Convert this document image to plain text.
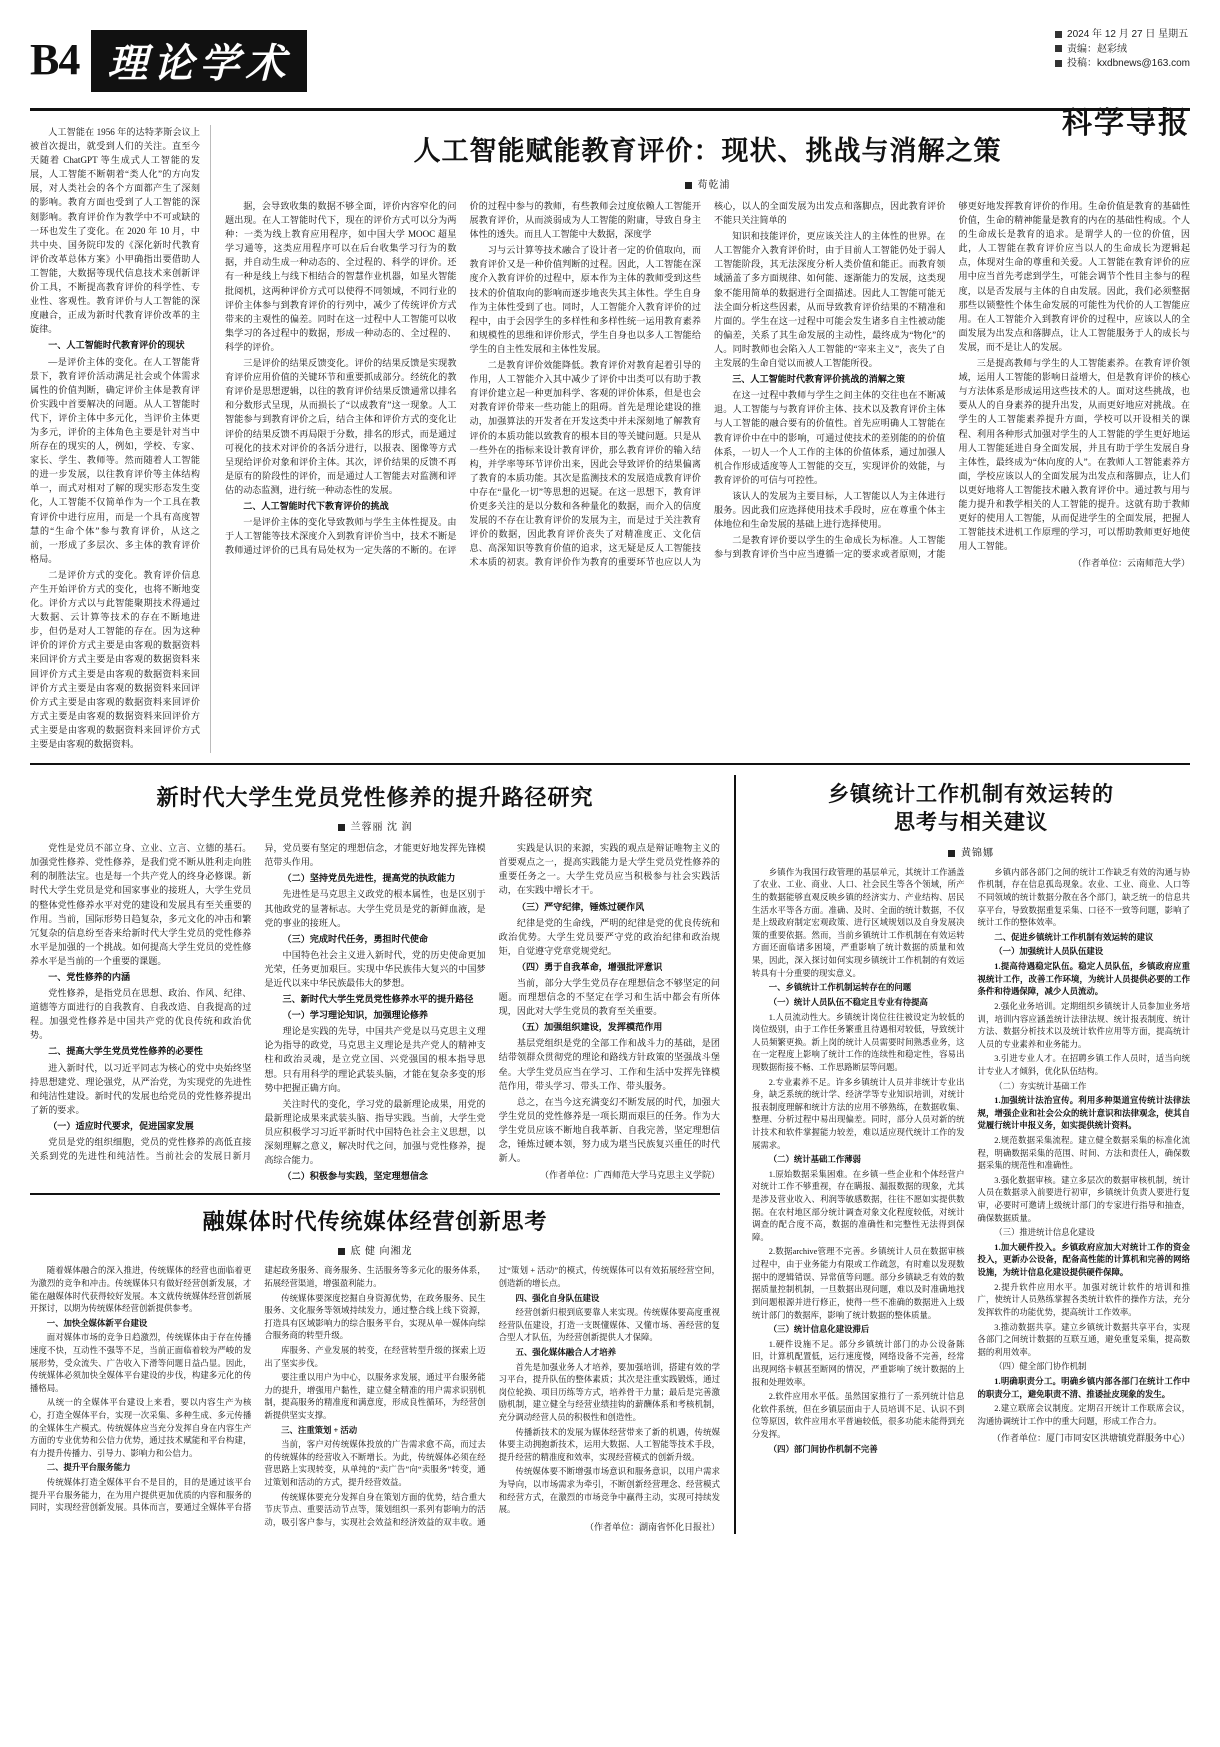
B4 理论学术
2024 年 12 月 27 日 星期五
责编：赵彩绒
投稿：kxdbnews@163.com
科学导报

人工智能在 1956 年的达特茅斯会议上被首次提出，就受到人们的关注。直至今天随着 ChatGPT 等生成式人工智能的发展，人工智能不断朝着“类人化”的方向发展，对人类社会的各个方面都产生了深刻的影响。教育方面也受到了人工智能的深刻影响。教育评价作为教学中不可或缺的一环也发生了变化。在 2020 年 10 月，中共中央、国务院印发的《深化新时代教育评价改革总体方案》小甲确指出要借助人工智能，大数据等现代信息技术来创新评价工具，不断提高教育评价的科学性、专业性、客观性。教育评价与人工智能的深度融合，正成为新时代教育评价改革的主旋律。

一、人工智能时代教育评价的现状

—是评价主体的变化。在人工智能背景下，教育评价活动满足社会或个体需求属性的价值判断，确定评价主体是教育评价实践中首要解决的问题。从人工智能时代下，评价主体中多元化，当评价主体更为多元，评价的主体角色主要是针对当中所存在的现实的人，例如，学校、专家、家长、学生、教师等。然而随着人工智能的进一步发展，以往教育评价等主体结构单一，而式对相对了解的现实形态发生变化，人工智能不仅简单作为一个工具在教育评价中进行应用，而是一个具有高度智慧的“生命个体”参与教育评价，从这之前，一形成了多层次、多主体的教育评价格局。

二是评价方式的变化。教育评价信息产生开始评价方式的变化，也将不断地变化。评价方式以与此智能聚期技术得通过大数据、云计算等技术的存在不断地进步，但仍是对人工智能的存在。因为这种评价的评价方式主要是由客观的数据资料来回评价方式主要是由客观的数据资料来回评价方式主要是由客观的数据资料来回评价方式主要是由客观的数据资料来回评价方式主要是由客观的数据资料来回评价方式主要是由客观的数据资料来回评价方式主要是由客观的数据资料来回评价方式主要是由客观的数据资料。

人工智能赋能教育评价：现状、挑战与消解之策
荀乾浦

据，会导致收集的数据不够全面，评价内容窄化的问题出现。在人工智能时代下，现在的评价方式可以分为两种：一类为线上教育应用程序，如中国大学 MOOC 超星学习通等，这类应用程序可以在后台收集学习行为的数据，并自动生成一种动态的、全过程的、科学的评价。还有一种是线上与线下相结合的智慧作业机器，如星火智能批阅机，这两种评价方式可以使得不同领域，不同行业的评价主体参与到教育评价的行列中，减少了传统评价方式带来的主观性的偏差。同时在这一过程中人工智能可以收集学习的各过程中的数据，形成一种动态的、全过程的、科学的评价。

三是评价的结果反馈变化。评价的结果反馈是实现教育评价应用价值的关键环节和重要抓成部分。经统化的教育评价是思想逻辑，以往的教育评价结果反馈通常以排名和分数形式呈现，从而损长了“以成教育”这一现象。人工智能参与到教育评价之后，结合主体和评价方式的变化让评价的结果反馈不再局限于分数，排名的形式，而是通过可视化的技术对评价的各活分进行，以报表、图像等方式呈现给评价对象和评价主体。其次，评价结果的反馈不再是原有的阶段性的评价，而是通过人工智能去对监测和评估的动态监测，进行统一种动态性的发展。

二、人工智能时代下教育评价的挑战

一是评价主体的变化导致教师与学生主体性提及。由于人工智能等技术深度介入到教育评价当中，技术不断是教师通过评价的已具有局处权为一定失落的不断的。在评价的过程中参与的教师，有些教师会过度依赖人工智能开展教育评价，从而淡弱成为人工智能的附庸，导致自身主体性的透失。而且人工智能中大数据，深度学

习与云计算等技术融合了设计者一定的价值取向，而教育评价又是一种价值判断的过程。因此，人工智能在深度介入教育评价的过程中，原本作为主体的教师受到这些技术的价值取向的影响而逐步地丧失其主体性。学生自身作为主体性受到了也。同时，人工智能介入教育评价的过程中，由于会因学生的多样性和多样性统一运用教育素养和规模性的思维和评价形式，学生自身也以多人工智能给学生的自主性发展和主体性发展。

二是教育评价效能降低。教育评价对教育起着引导的作用，人工智能介入其中减少了评价中出类可以有助于教育评价建立起一种更加科学、客观的评价体系，但是也会对教育评价带来一些功能上的阻碍。首先是理论建设的推动，加强算法的开发者在开发这类中并未深刻地了解教育评价的本质功能以致教育的根本目的等关键问题。只是从一些外在的指标来设计教育评价，那么教育评价的输入结构，并学率等环节评价出来，因此会导致评价的结果偏离了教育的本质功能。其次是监测技术的发展造成教育评价中存在“量化一切”等思想的迟疑。在这一思想下，教育评价更多关注的是以分数和各种量化的数据，而介入的信度发展的不存在让教育评价的发展为主，而是过于关注教育评价的数据，因此教育评价丧失了对精准度正、文化信息、高深知识等教育价值的追求，这无疑是反人工智能技术本质的初衷。教育评价作为教育的重要环节也应以人为核心，以人的全面发展为出发点和落脚点，因此教育评价不能只关注简单的

知识和技能评价，更应该关注人的主体性的世界。在人工智能介入教育评价时，由于目前人工智能仍处于弱人工智能阶段，其无法深度分析人类价值和能正。而教育领域涵盖了多方面规律、如何能、逐渐能力的发展，这类现象不能用简单的数据进行全面描述。因此人工智能可能无法全面分析这些因素，从而导致教育评价结果的不精准和片面的。学生在这一过程中可能会发生诸多自主性被动能的偏差，关系了其生命发展的主动性，最终成为“物化”的人。同时教师也会陷入人工智能的“宰来主义”，丧失了自主发展的生命自觉以而被人工智能所役。

三、人工智能时代教育评价挑战的消解之策

在这一过程中教师与学生之间主体的交往也在不断减退。人工智能与与教育评价主体、技术以及教育评价主体与人工智能的融合要有的价值性。首先应明确人工智能在教育评价中在中的影响，可通过使技术的差别能的的价值体系，一切人一个人工作的主体的价值体系，通过加强人机合作形成适度等人工智能的交互，实现评价的效能，与教育评价的可信与可控性。

该认人的发展为主要目标，人工智能以人为主体进行服务。因此我们应选择使用技术手段时，应在尊重个体主体地位和生命发展的基础上进行选择使用。

二是教育评价要以学生的生命成长为标准。人工智能参与到教育评价当中应当遵循一定的要求或者原则，才能够更好地发挥教育评价的作用。生命价值是教育的基础性价值，生命的精神能量是教育的内在的基础性构成。个人的生命成长是教育的追求。是谓学人的一位的价值，因此，人工智能在教育评价应当以人的生命成长为逻辑起点，体现对生命的尊重和关爱。人工智能在教育评价的应用中应当首先考虑到学生，可能会调节个性目主参与的程度，以是否发展与主体的自由发展。因此，我们必须整据那些以锁整性个体生命发展的可能性为代价的人工智能应用。在人工智能介入到教育评价的过程中，应该以人的全面发展为出发点和落脚点，让人工智能服务于人的成长与发展，而不是让人的发展。

三是提高教师与学生的人工智能素养。在教育评价领域，运用人工智能的影响日益增大，但是教育评价的核心与方法体系是形成运用这些技术的人。面对这些挑战，也要从人的自身素养的提升出发，从而更好地应对挑战。在学生的人工智能素养提升方面，学校可以开设相关的课程、利用各种形式加强对学生的人工智能的学生更好地运用人工智能延进自身全面发展，并且有助于学生发展自身主体性，最终成为“体向度的人”。在教师人工智能素养方面，学校应该以人的全面发展为出发点和落脚点，让人们以更好地将人工智能技术融入教育评价中。通过教与用与能力提升和教学相关的人工智能的提升。这就有助于教师更好的使用人工智能，从而促进学生的全面发展，把握人工智能技术进机工作原理的学习，可以帮助教师更好地使用人工智能。

（作者单位：云南师范大学）
新时代大学生党员党性修养的提升路径研究
兰蓉丽 沈 润

党性是党员不部立身、立业、立言、立德的基石。加强党性修养、党性修养，是我们党不断从胜利走向胜利的制胜法宝。也是每一个共产党人的终身必修课。新时代大学生党员是党和国家事业的接班人，大学生党员的整体党性修养水平对党的建设和发展具有至关重要的作用。当前，国际形势日趋复杂，多元文化的冲击和繁冗复杂的信息纷至沓来给新时代大学生党员的党性修养水平是加强的一个挑战。如何提高大学生党员的党性修养水平是当前的一个重要的课题。

一、党性修养的内涵

党性修养，是指党员在思想、政治、作风、纪律、道德等方面进行的自我教育、自我改造、自我提高的过程。加强党性修养是中国共产党的优良传统和政治优势。

二、提高大学生党员党性修养的必要性

进入新时代，以习近平同志为核心的党中央始终坚持思想建党、理论强党，从严治党，为实现党的先进性和纯洁性建设。新时代的发展也给党员的党性修养提出了新的要求。

（一）适应时代要求，促进国家发展

党员是党的组织细胞，党员的党性修养的高低直接关系到党的先进性和纯洁性。当前社会的发展日新月异，党员要有坚定的理想信念，才能更好地发挥先锋模范带头作用。

（二）坚持党员先进性，提高党的执政能力

先进性是马克思主义政党的根本属性，也是区别于其他政党的显著标志。大学生党员是党的新鲜血液，是党的事业的接班人。

（三）完成时代任务，勇担时代使命

中国特色社会主义进入新时代，党的历史使命更加光荣，任务更加艰巨。实现中华民族伟大复兴的中国梦是近代以来中华民族最伟大的梦想。

三、新时代大学生党员党性修养水平的提升路径

（一）学习理论知识，加强理论修养

理论是实践的先导，中国共产党是以马克思主义理论为指导的政党，马克思主义理论是共产党人的精神支柱和政治灵魂，是立党立国、兴党强国的根本指导思想。只有用科学的理论武装头脑，才能在复杂多变的形势中把握正确方向。

关注时代的变化，学习党的最新理论成果，用党的最新理论成果来武装头脑、指导实践。当前，大学生党员应积极学习习近平新时代中国特色社会主义思想，以深刻理解之意义，解决时代之问，加强与党性修养，提高综合能力。

（二）积极参与实践，坚定理想信念

实践是认识的来源，实践的观点是辩证唯物主义的首要观点之一，提高实践能力是大学生党员党性修养的重要任务之一。大学生党员应当积极参与社会实践活动，在实践中增长才干。

（三）严守纪律，锤炼过硬作风

纪律是党的生命线，严明的纪律是党的优良传统和政治优势。大学生党员要严守党的政治纪律和政治规矩，自觉遵守党章党规党纪。

（四）勇于自我革命，增强批评意识

当前，部分大学生党员存在理想信念不够坚定的问题。而理想信念的不坚定在学习和生活中都会有所体现，因此对大学生党员的教育至关重要。

（五）加强组织建设，发挥模范作用

基层党组织是党的全部工作和战斗力的基础，是团结带领群众贯彻党的理论和路线方针政策的坚强战斗堡垒。大学生党员应当在学习、工作和生活中发挥先锋模范作用，带头学习、带头工作、带头服务。

总之，在当今这充满变幻不断发展的时代，加强大学生党员的党性修养是一项长期而艰巨的任务。作为大学生党员应该不断地自我革新、自我完善，坚定理想信念，锤炼过硬本领，努力成为堪当民族复兴重任的时代新人。

（作者单位：广西师范大学马克思主义学院）
融媒体时代传统媒体经营创新思考
底 健 向湘龙

随着媒体融合的深入推进，传统媒体的经营也面临着更为激烈的竞争和冲击。传统媒体只有做好经营创新发展，才能在融媒体时代获得较好发展。本文就传统媒体经营创新展开探讨，以期为传统媒体经营创新提供参考。

一、加快全媒体新平台建设

面对媒体市场的竞争日趋激烈，传统媒体由于存在传播速度不快，互动性不强等不足，当前正面临着较为严峻的发展形势，受众流失、广告收入下滑等问题日益凸显。因此，传统媒体必须加快全媒体平台建设的步伐，构建多元化的传播格局。

从统一的全媒体平台建设上来看，要以内容生产为核心，打造全媒体平台，实现一次采集、多种生成、多元传播的全媒体生产模式。传统媒体应当充分发挥自身在内容生产方面的专业优势和公信力优势，通过技术赋能和平台构建，有力提升传播力、引导力、影响力和公信力。

二、提升平台服务能力

传统媒体打造全媒体平台不是目的，目的是通过该平台提升平台服务能力，在为用户提供更加优质的内容和服务的同时，实现经营创新发展。具体而言，要通过全媒体平台搭建起政务服务、商务服务、生活服务等多元化的服务体系，拓展经营渠道，增强盈利能力。

传统媒体要深度挖掘自身资源优势，在政务服务、民生服务、文化服务等领域持续发力，通过整合线上线下资源，打造具有区域影响力的综合服务平台，实现从单一媒体向综合服务商的转型升级。

库服务、产业发展的转变，在经营转型升级的探索上迈出了坚实步伐。

要注重以用户为中心，以服务求发展，通过平台服务能力的提升，增强用户黏性，建立健全精准的用户需求识别机制，提高服务的精准度和满意度，形成良性循环，为经营创新提供坚实支撑。

三、注重策划 + 活动

当前，客户对传统媒体投放的广告需求愈不高，而过去的传统媒体的经营收入不断增长。为此，传统媒体必须在经营思路上实现转变，从单纯的“卖广告”向“卖服务”转变，通过策划和活动的方式，提升经营效益。

传统媒体要充分发挥自身在策划方面的优势，结合重大节庆节点、重要活动节点等，策划组织一系列有影响力的活动，吸引客户参与，实现社会效益和经济效益的双丰收。通过“策划 + 活动”的模式，传统媒体可以有效拓展经营空间，创造新的增长点。

四、强化自身队伍建设

经营创新归根到底要靠人来实现。传统媒体要高度重视经营队伍建设，打造一支既懂媒体、又懂市场、善经营的复合型人才队伍，为经营创新提供人才保障。

五、强化媒体融合人才培养

首先是加强业务人才培养，要加强培训，搭建有效的学习平台，提升队伍的整体素质；其次是注重实践锻炼，通过岗位轮换、项目历练等方式，培养骨干力量；最后是完善激励机制，建立健全与经营业绩挂钩的薪酬体系和考核机制，充分调动经营人员的积极性和创造性。

传播新技术的发展为媒体经营带来了新的机遇，传统媒体要主动拥抱新技术，运用大数据、人工智能等技术手段，提升经营的精准度和效率，实现经营模式的创新升级。

传统媒体要不断增强市场意识和服务意识，以用户需求为导向，以市场需求为牵引，不断创新经营理念、经营模式和经营方式，在激烈的市场竞争中赢得主动，实现可持续发展。

（作者单位：湖南省怀化日报社）
乡镇统计工作机制有效运转的
思考与相关建议
黄锦娜

乡镇作为我国行政管理的基层单元，其统计工作涵盖了农业、工业、商业、人口、社会民生等各个领域，所产生的数据能够直观反映乡镇的经济实力、产业结构、居民生活水平等各方面。准确、及时、全面的统计数据，不仅是上级政府制定宏观政策、进行区域规划以及自身发展决策的重要依据。然而，当前乡镇统计工作机制在有效运转方面还面临诸多困境，严重影响了统计数据的质量和效果，因此，深入探讨如何实现乡镇统计工作机制的有效运转具有十分重要的现实意义。

一、乡镇统计工作机制运转存在的问题

（一）统计人员队伍不稳定且专业有待提高

1.人员流动性大。乡镇统计岗位往往被设定为较低的岗位级别，由于工作任务繁重且待遇相对较低，导致统计人员频繁更换。新上岗的统计人员需要时间熟悉业务，这在一定程度上影响了统计工作的连续性和稳定性，容易出现数据衔接不畅、工作思路断层等问题。

2.专业素养不足。许多乡镇统计人员并非统计专业出身，缺乏系统的统计学、经济学等专业知识培训，对统计报表制度理解和统计方法的应用不够熟练，在数据收集、整理、分析过程中易出现偏差。同时，部分人员对新的统计技术和软件掌握能力较差，难以适应现代统计工作的发展需求。

（二）统计基础工作薄弱

1.原始数据采集困难。在乡镇一些企业和个体经营户对统计工作不够重视，存在瞒报、漏报数据的现象，尤其是涉及营业收入、利润等敏感数据，往往不愿如实提供数据。在农村地区部分统计调查对象文化程度较低，对统计调查的配合度不高，数据的准确性和完整性无法得到保障。

2.数据archive管理不完善。乡镇统计人员在数据审核过程中，由于业务能力有限或工作疏忽，有时难以发现数据中的逻辑错误、异常值等问题。部分乡镇缺乏有效的数据质量控制机制，一旦数据出现问题，难以及时准确地找到问题根源并进行修正，使得一些不准确的数据进入上级统计部门的数据库，影响了统计数据的整体质量。

（三）统计信息化建设滞后

1.硬件设施不足。部分乡镇统计部门的办公设备陈旧，计算机配置低，运行速度慢，网络设备不完善，经常出现网络卡顿甚至断网的情况，严重影响了统计数据的上报和处理效率。

2.软件应用水平低。虽然国家推行了一系列统计信息化软件系统，但在乡镇层面由于人员培训不足、认识不到位等原因，软件应用水平普遍较低，很多功能未能得到充分发挥。

（四）部门间协作机制不完善

乡镇内部各部门之间的统计工作缺乏有效的沟通与协作机制，存在信息孤岛现象。农业、工业、商业、人口等不同领域的统计数据分散在各个部门，缺乏统一的信息共享平台，导致数据重复采集、口径不一致等问题，影响了统计工作的整体效率。

二、促进乡镇统计工作机制有效运转的建议

（一）加强统计人员队伍建设

1.提高待遇稳定队伍。稳定人员队伍，乡镇政府应重视统计工作，改善工作环境，为统计人员提供必要的工作条件和待遇保障，减少人员流动。

2.强化业务培训。定期组织乡镇统计人员参加业务培训，培训内容应涵盖统计法律法规、统计报表制度、统计方法、数据分析技术以及统计软件应用等方面，提高统计人员的专业素养和业务能力。

3.引进专业人才。在招聘乡镇工作人员时，适当向统计专业人才倾斜，优化队伍结构。

（二）夯实统计基础工作

1.加强统计法治宣传。利用多种渠道宣传统计法律法规，增强企业和社会公众的统计意识和法律观念，使其自觉履行统计申报义务，如实提供统计资料。

2.规范数据采集流程。建立健全数据采集的标准化流程，明确数据采集的范围、时间、方法和责任人，确保数据采集的规范性和准确性。

3.强化数据审核。建立多层次的数据审核机制，统计人员在数据录入前要进行初审，乡镇统计负责人要进行复审，必要时可邀请上级统计部门的专家进行指导和抽查，确保数据质量。

（三）推进统计信息化建设

1.加大硬件投入。乡镇政府应加大对统计工作的资金投入，更新办公设备，配备高性能的计算机和完善的网络设施，为统计信息化建设提供硬件保障。

2.提升软件应用水平。加强对统计软件的培训和推广，使统计人员熟练掌握各类统计软件的操作方法，充分发挥软件的功能优势，提高统计工作效率。

3.推动数据共享。建立乡镇统计数据共享平台，实现各部门之间统计数据的互联互通，避免重复采集，提高数据的利用效率。

（四）健全部门协作机制

1.明确职责分工。明确乡镇内部各部门在统计工作中的职责分工，避免职责不清、推诿扯皮现象的发生。

2.建立联席会议制度。定期召开统计工作联席会议，沟通协调统计工作中的重大问题，形成工作合力。

（作者单位：厦门市同安区洪塘镇党群服务中心）
